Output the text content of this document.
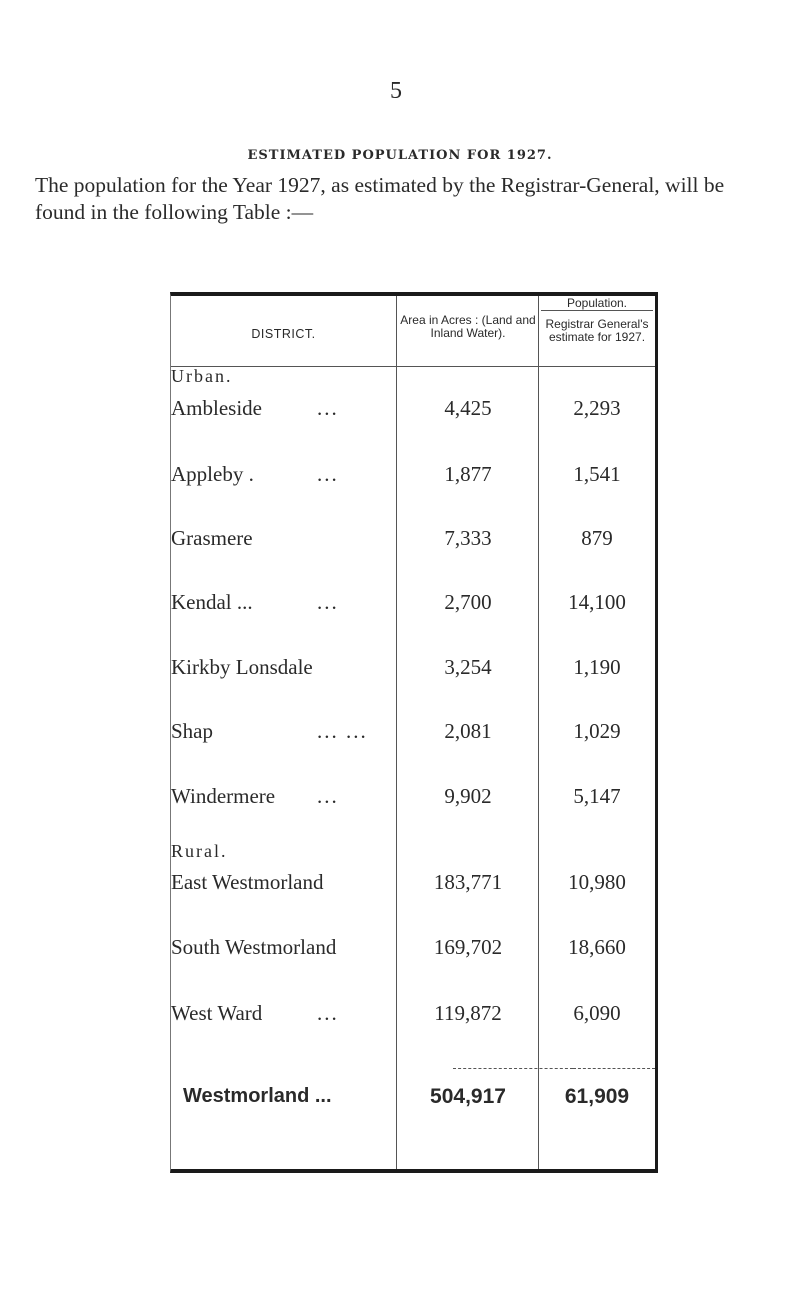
5
ESTIMATED POPULATION FOR 1927.
The population for the Year 1927, as estimated by the Registrar-General, will be found in the following Table :—
DISTRICT.
Area in Acres : (Land and Inland Water).
Population.
Registrar General's estimate for 1927.
Urban.
Rural.
Ambleside	...	4,425	2,293
Appleby .	...	1,877	1,541
Grasmere	7,333	879
Kendal ...	...	2,700	14,100
Kirkby Lonsdale	3,254	1,190
Shap	... ...	2,081	1,029
Windermere	...	9,902	5,147
East Westmorland	183,771	10,980
South Westmorland	169,702	18,660
West Ward	...	119,872	6,090
Westmorland ...	504,917	61,909
